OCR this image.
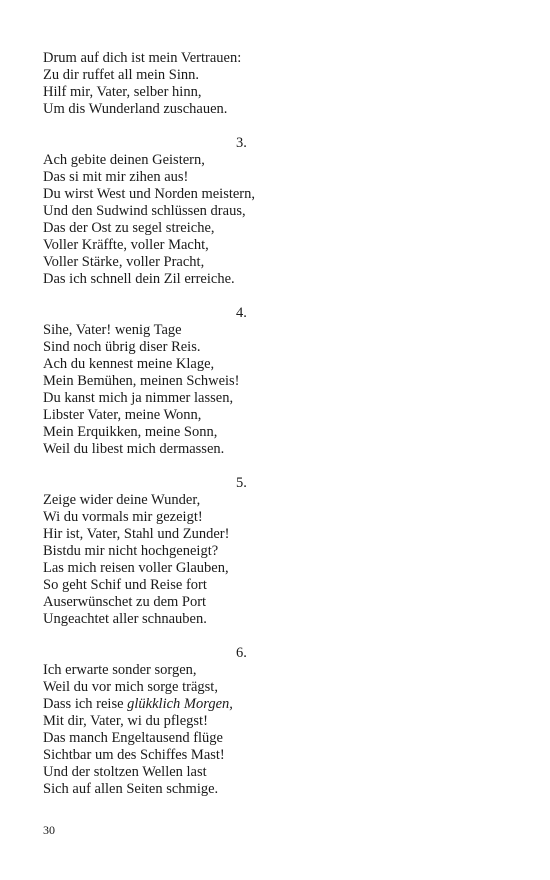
Drum auf dich ist mein Vertrauen:
Zu dir ruffet all mein Sinn.
Hilf mir, Vater, selber hinn,
Um dis Wunderland zuschauen.
3.
Ach gebite deinen Geistern,
Das si mit mir zihen aus!
Du wirst West und Norden meistern,
Und den Sudwind schlüssen draus,
Das der Ost zu segel streiche,
Voller Kräffte, voller Macht,
Voller Stärke, voller Pracht,
Das ich schnell dein Zil erreiche.
4.
Sihe, Vater! wenig Tage
Sind noch übrig diser Reis.
Ach du kennest meine Klage,
Mein Bemühen, meinen Schweis!
Du kanst mich ja nimmer lassen,
Libster Vater, meine Wonn,
Mein Erquikken, meine Sonn,
Weil du libest mich dermassen.
5.
Zeige wider deine Wunder,
Wi du vormals mir gezeigt!
Hir ist, Vater, Stahl und Zunder!
Bistdu mir nicht hochgeneigt?
Las mich reisen voller Glauben,
So geht Schif und Reise fort
Auserwünschet zu dem Port
Ungeachtet aller schnauben.
6.
Ich erwarte sonder sorgen,
Weil du vor mich sorge trägst,
Dass ich reise glükklich Morgen,
Mit dir, Vater, wi du pflegst!
Das manch Engeltausend flüge
Sichtbar um des Schiffes Mast!
Und der stoltzen Wellen last
Sich auf allen Seiten schmige.
30
